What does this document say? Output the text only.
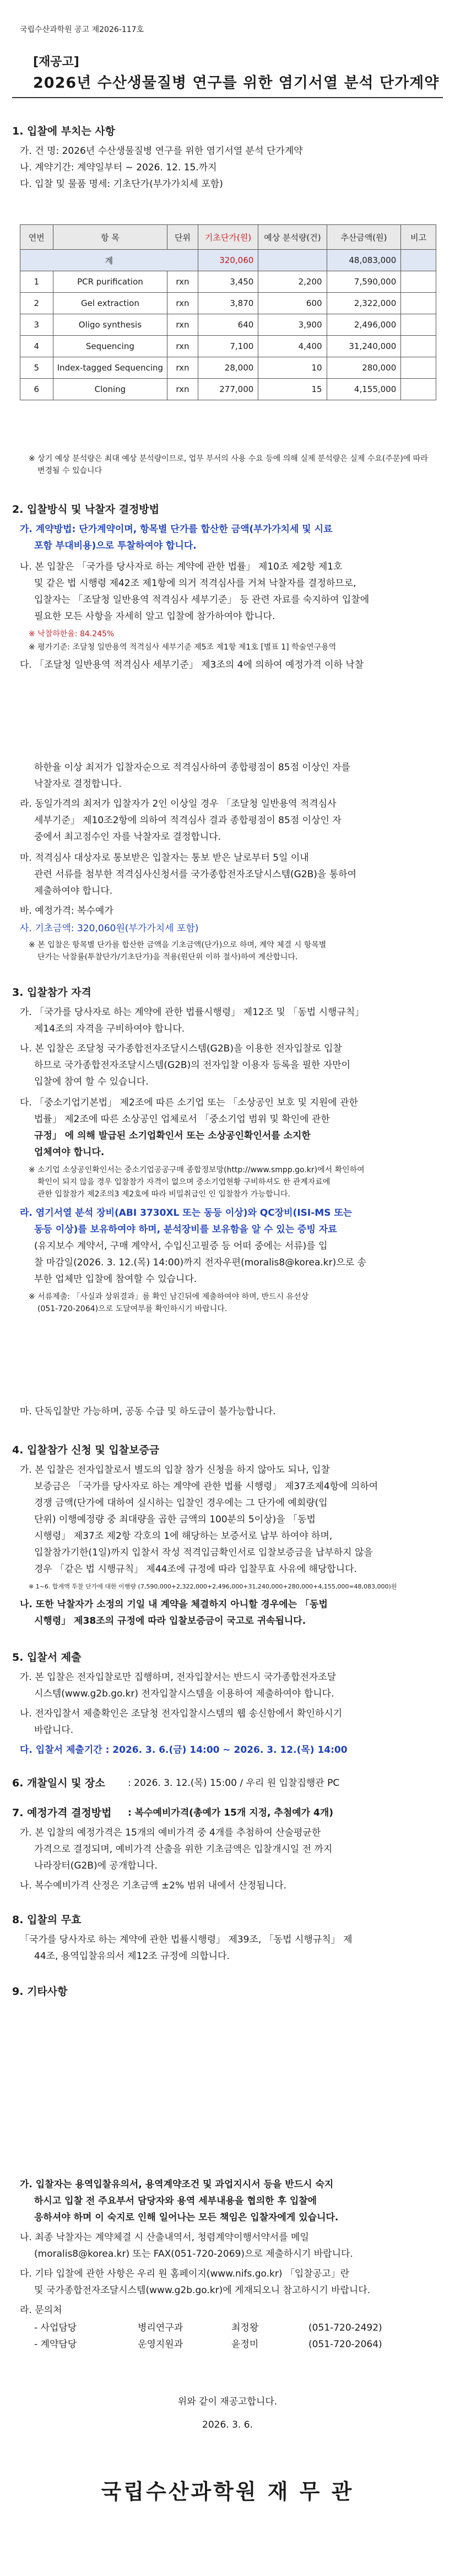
국립수산과학원 공고 제2026-117호
[재공고]
2026년 수산생물질병 연구를 위한 염기서열 분석 단가계약
1. 입찰에 부치는 사항
가. 건 명: 2026년 수산생물질병 연구를 위한 염기서열 분석 단가계약
나. 계약기간: 계약일부터 ~ 2026. 12. 15.까지
다. 입찰 및 물품 명세: 기초단가(부가가치세 포함)
연번	항 목	단위	기초단가(원)	예상 분석량(건)	추산금액(원)	비고
계			320,060		48,083,000	
1	PCR purification	rxn	3,450	2,200	7,590,000	
2	Gel extraction	rxn	3,870	600	2,322,000	
3	Oligo synthesis	rxn	640	3,900	2,496,000	
4	Sequencing	rxn	7,100	4,400	31,240,000	
5	Index-tagged Sequencing	rxn	28,000	10	280,000	
6	Cloning	rxn	277,000	15	4,155,000	
※ 상기 예상 분석량은 최대 예상 분석량이므로, 업무 부서의 사용 수요 등에 의해 실제 분석량은 실제 수요(주문)에 따라
변경될 수 있습니다
2. 입찰방식 및 낙찰자 결정방법
가. 계약방법: 단가계약이며, 항목별 단가를 합산한 금액(부가가치세 및 시료
포함 부대비용)으로 투찰하여야 합니다.
나. 본 입찰은 「국가를 당사자로 하는 계약에 관한 법률」 제10조 제2항 제1호
및 같은 법 시행령 제42조 제1항에 의거 적격심사를 거쳐 낙찰자를 결정하므로,
입찰자는 「조달청 일반용역 적격심사 세부기준」 등 관련 자료를 숙지하여 입찰에
필요한 모든 사항을 자세히 알고 입찰에 참가하여야 합니다.
※ 낙찰하한율: 84.245%
※ 평가기준: 조달청 일반용역 적격심사 세부기준 제5조 제1항 제1호 [별표 1] 학술연구용역
다. 「조달청 일반용역 적격심사 세부기준」 제3조의 4에 의하여 예정가격 이하 낙찰
하한율 이상 최저가 입찰자순으로 적격심사하여 종합평점이 85점 이상인 자를
낙찰자로 결정합니다.
라. 동일가격의 최저가 입찰자가 2인 이상일 경우 「조달청 일반용역 적격심사
세부기준」 제10조2항에 의하여 적격심사 결과 종합평점이 85점 이상인 자
중에서 최고점수인 자를 낙찰자로 결정합니다.
마. 적격심사 대상자로 통보받은 입찰자는 통보 받은 날로부터 5일 이내
관련 서류를 첨부한 적격심사신청서를 국가종합전자조달시스템(G2B)을 통하여
제출하여야 합니다.
바. 예정가격: 복수예가
사. 기초금액: 320,060원(부가가치세 포함)
※ 본 입찰은 항목별 단가를 합산한 금액을 기초금액(단가)으로 하며, 계약 체결 시 항목별
단가는 낙찰률(투찰단가/기초단가)을 적용(원단위 이하 절사)하여 계산합니다.
3. 입찰참가 자격
가. 「국가를 당사자로 하는 계약에 관한 법률시행령」 제12조 및 「동법 시행규칙」
제14조의 자격을 구비하여야 합니다.
나. 본 입찰은 조달청 국가종합전자조달시스템(G2B)을 이용한 전자입찰로 입찰
하므로 국가종합전자조달시스템(G2B)의 전자입찰 이용자 등록을 필한 자만이
입찰에 참여 할 수 있습니다.
다. 「중소기업기본법」 제2조에 따른 소기업 또는 「소상공인 보호 및 지원에 관한
법률」 제2조에 따른 소상공인 업체로서 「중소기업 범위 및 확인에 관한
규정」 에 의해 발급된 소기업확인서 또는 소상공인확인서를 소지한
업체여야 합니다.
※ 소기업 소상공인확인서는 중소기업공공구매 종합정보망(http://www.smpp.go.kr)에서 확인하여
확인이 되지 않을 경우 입찰참가 자격이 없으며 중소기업현황 구비하셔도 한 관계자료에
관한 입찰참가 제2조의3 제2호에 따라 비밀취급인 인 입찰참가 가능합니다.
라. 염기서열 분석 장비(ABI 3730XL 또는 동등 이상)와 QC장비(ISI-MS 또는
동등 이상)를 보유하여야 하며, 분석장비를 보유함을 알 수 있는 증빙 자료
(유지보수 계약서, 구매 계약서, 수입신고필증 등 어떠 중에는 서류)를 입
찰 마감일(2026. 3. 12.(목) 14:00)까지 전자우편(moralis8@korea.kr)으로 송
부한 업체만 입찰에 참여할 수 있습니다.
※ 서류제출: 「사실과 상위결과」를 확인 남긴뒤에 제출하여야 하며, 반드시 유선상
(051-720-2064)으로 도달여부를 확인하시기 바랍니다.
마. 단독입찰만 가능하며, 공동 수급 및 하도급이 불가능합니다.
4. 입찰참가 신청 및 입찰보증금
가. 본 입찰은 전자입찰로서 별도의 입찰 참가 신청을 하지 않아도 되나, 입찰
보증금은 「국가를 당사자로 하는 계약에 관한 법률 시행령」 제37조제4항에 의하여
경쟁 금액(단가에 대하여 실시하는 입찰인 경우에는 그 단가에 예회량(입
단위) 이행예정량 중 최대량을 곱한 금액의 100분의 5이상)을 「동법
시행령」 제37조 제2항 각호의 1에 해당하는 보증서로 납부 하여야 하며,
입찰참가기한(1일)까지 입찰서 작성 적격입금확인서로 입찰보증금을 납부하지 않을
경우 「같은 법 시행규칙」 제44조에 규정에 따라 입찰무효 사유에 해당합니다.
※ 1~6. 합계액 투찰 단가에 대한 이행량 (7,590,000+2,322,000+2,496,000+31,240,000+280,000+4,155,000=48,083,000)원
나. 또한 낙찰자가 소정의 기일 내 계약을 체결하지 아니할 경우에는 「동법
시행령」 제38조의 규정에 따라 입찰보증금이 국고로 귀속됩니다.
5. 입찰서 제출
가. 본 입찰은 전자입찰로만 집행하며, 전자입찰서는 반드시 국가종합전자조달
시스템(www.g2b.go.kr) 전자입찰시스템을 이용하여 제출하여야 합니다.
나. 전자입찰서 제출확인은 조달청 전자입찰시스템의 웹 송신함에서 확인하시기
바랍니다.
다. 입찰서 제출기간 : 2026. 3. 6.(금) 14:00 ~ 2026. 3. 12.(목) 14:00
6. 개찰일시 및 장소 : 2026. 3. 12.(목) 15:00 / 우리 원 입찰집행관 PC
7. 예정가격 결정방법 : 복수예비가격(총예가 15개 지정, 추첨예가 4개)
가. 본 입찰의 예정가격은 15개의 예비가격 중 4개를 추첨하여 산술평균한
가격으로 결정되며, 예비가격 산출을 위한 기초금액은 입찰개시일 전 까지
나라장터(G2B)에 공개합니다.
나. 복수예비가격 산정은 기초금액 ±2% 범위 내에서 산정됩니다.
8. 입찰의 무효
「국가를 당사자로 하는 계약에 관한 법률시행령」 제39조, 「동법 시행규칙」 제
44조, 용역입찰유의서 제12조 규정에 의합니다.
9. 기타사항
가. 입찰자는 용역입찰유의서, 용역계약조건 및 과업지시서 등을 반드시 숙지
하시고 입찰 전 주요부서 담당자와 용역 세부내용을 협의한 후 입찰에
응하셔야 하며 이 숙지로 인해 일어나는 모든 책임은 입찰자에게 있습니다.
나. 최종 낙찰자는 계약체결 시 산출내역서, 청렴계약이행서약서를 메일
(moralis8@korea.kr) 또는 FAX(051-720-2069)으로 제출하시기 바랍니다.
다. 기타 입찰에 관한 사항은 우리 원 홈페이지(www.nifs.go.kr) 「입찰공고」란
및 국가종합전자조달시스템(www.g2b.go.kr)에 게재되오니 참고하시기 바랍니다.
라. 문의처
- 사업담당	병리연구과	최정왕	(051-720-2492)
- 계약담당	운영지원과	윤정미	(051-720-2064)
위와 같이 재공고합니다.
2026. 3. 6.
국립수산과학원 재 무 관
